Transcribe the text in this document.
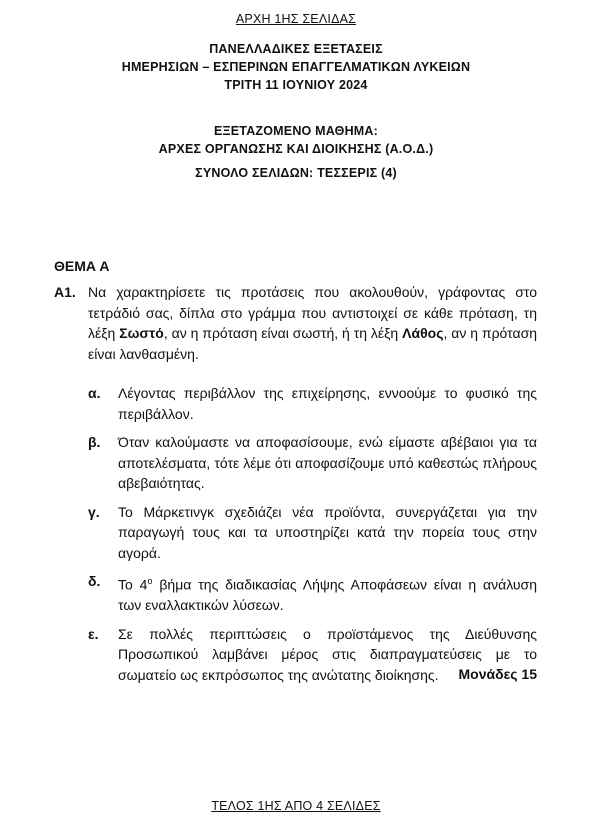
ΑΡΧΗ 1ΗΣ ΣΕΛΙΔΑΣ
ΠΑΝΕΛΛΑΔΙΚΕΣ ΕΞΕΤΑΣΕΙΣ
ΗΜΕΡΗΣΙΩΝ – ΕΣΠΕΡΙΝΩΝ ΕΠΑΓΓΕΛΜΑΤΙΚΩΝ ΛΥΚΕΙΩΝ
ΤΡΙΤΗ 11 ΙΟΥΝΙΟΥ 2024
ΕΞΕΤΑΖΟΜΕΝΟ ΜΑΘΗΜΑ:
ΑΡΧΕΣ ΟΡΓΑΝΩΣΗΣ ΚΑΙ ΔΙΟΙΚΗΣΗΣ (Α.Ο.Δ.)
ΣΥΝΟΛΟ ΣΕΛΙΔΩΝ: ΤΕΣΣΕΡΙΣ (4)
ΘΕΜΑ Α
Α1. Να χαρακτηρίσετε τις προτάσεις που ακολουθούν, γράφοντας στο τετράδιό σας, δίπλα στο γράμμα που αντιστοιχεί σε κάθε πρόταση, τη λέξη Σωστό, αν η πρόταση είναι σωστή, ή τη λέξη Λάθος, αν η πρόταση είναι λανθασμένη.
α. Λέγοντας περιβάλλον της επιχείρησης, εννοούμε το φυσικό της περιβάλλον.
β. Όταν καλούμαστε να αποφασίσουμε, ενώ είμαστε αβέβαιοι για τα αποτελέσματα, τότε λέμε ότι αποφασίζουμε υπό καθεστώς πλήρους αβεβαιότητας.
γ. Το Μάρκετινγκ σχεδιάζει νέα προϊόντα, συνεργάζεται για την παραγωγή τους και τα υποστηρίζει κατά την πορεία τους στην αγορά.
δ. Το $4^o$ βήμα της διαδικασίας Λήψης Αποφάσεων είναι η ανάλυση των εναλλακτικών λύσεων.
ε. Σε πολλές περιπτώσεις ο προϊστάμενος της Διεύθυνσης Προσωπικού λαμβάνει μέρος στις διαπραγματεύσεις με το σωματείο ως εκπρόσωπος της ανώτατης διοίκησης.	Μονάδες 15
ΤΕΛΟΣ 1ΗΣ ΑΠΟ 4 ΣΕΛΙΔΕΣ
